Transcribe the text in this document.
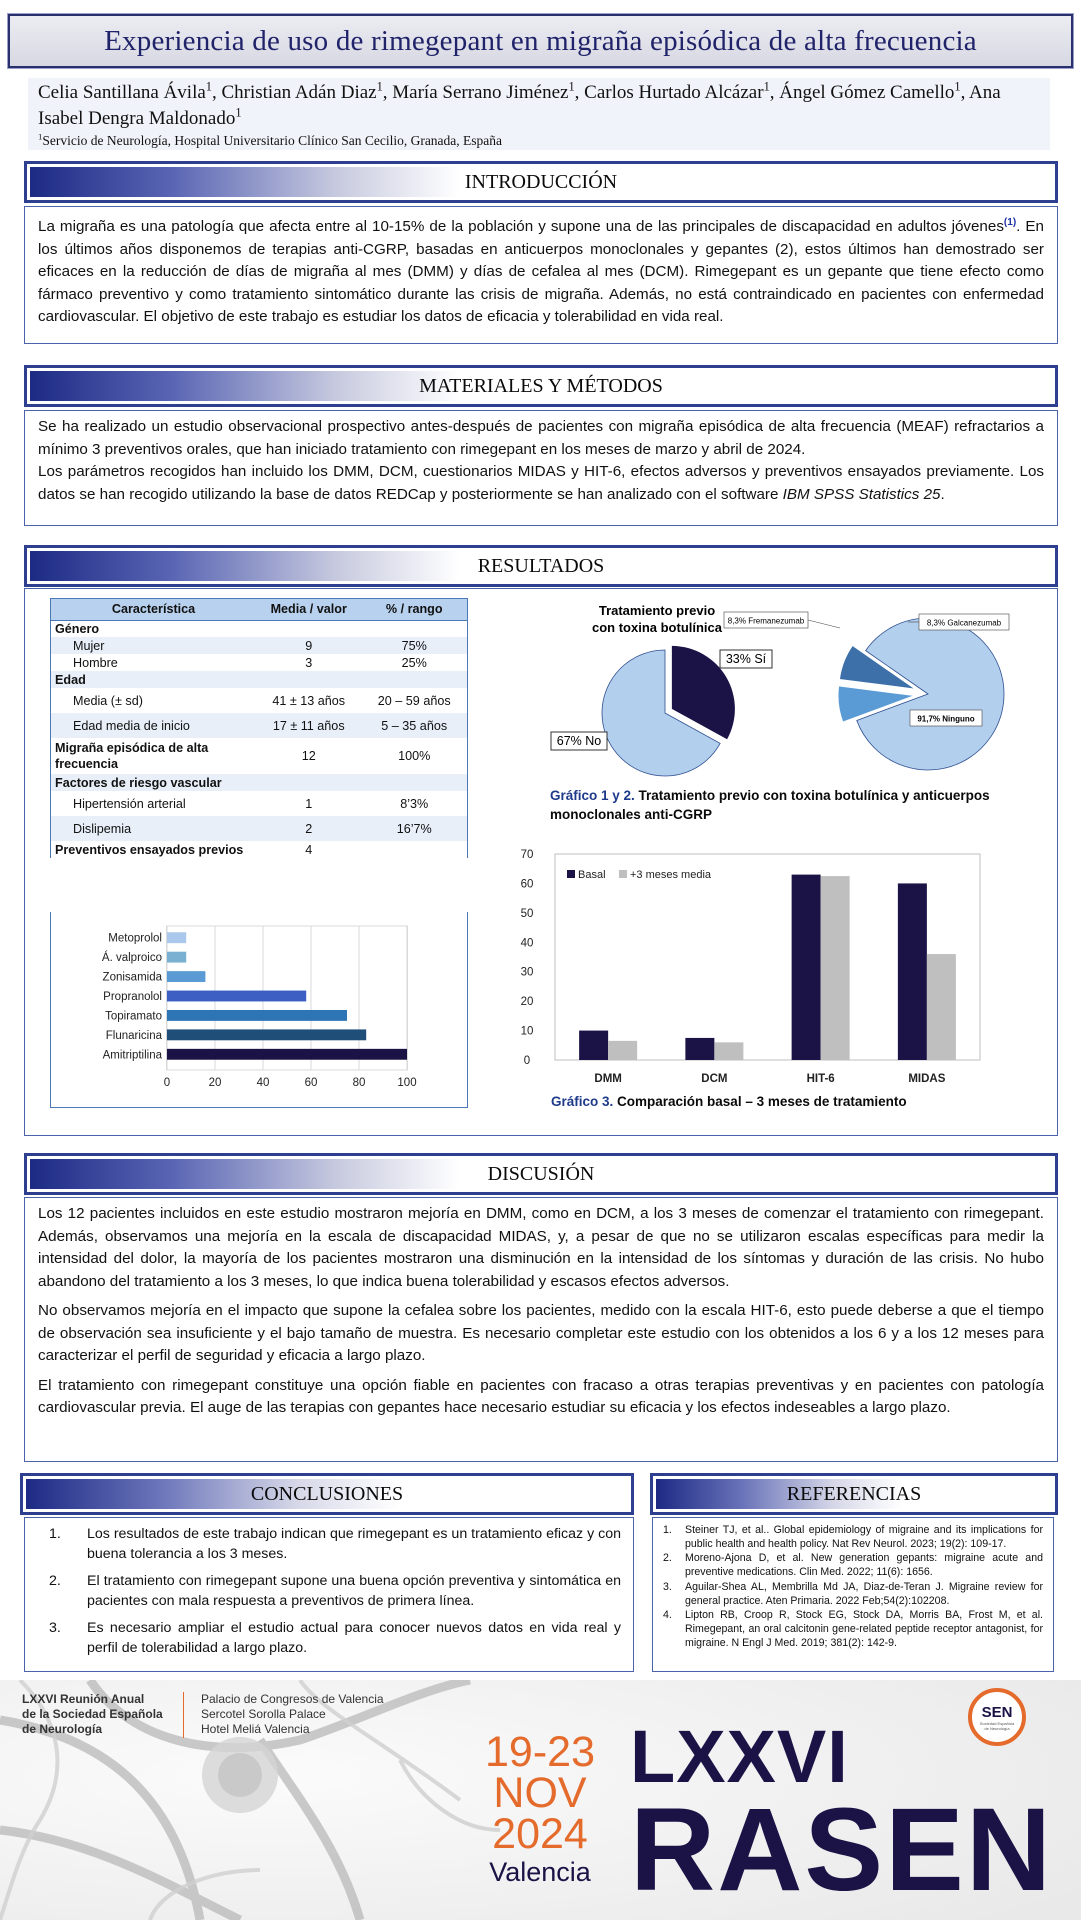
Experiencia de uso de rimegepant en migraña episódica de alta frecuencia
Celia Santillana Ávila$^1$, Christian Adán Diaz$^1$, María Serrano Jiménez$^1$, Carlos Hurtado Alcázar$^1$, Ángel Gómez Camello$^1$, Ana Isabel Dengra Maldonado$^1$
$^1$Servicio de Neurología, Hospital Universitario Clínico San Cecilio, Granada, España
INTRODUCCIÓN

La migraña es una patología que afecta entre al 10-15% de la población y supone una de las principales de discapacidad en adultos jóvenes$^{(1)}$. En los últimos años disponemos de terapias anti-CGRP, basadas en anticuerpos monoclonales y gepantes (2), estos últimos han demostrado ser eficaces en la reducción de días de migraña al mes (DMM) y días de cefalea al mes (DCM). Rimegepant es un gepante que tiene efecto como fármaco preventivo y como tratamiento sintomático durante las crisis de migraña. Además, no está contraindicado en pacientes con enfermedad cardiovascular. El objetivo de este trabajo es estudiar los datos de eficacia y tolerabilidad en vida real.

MATERIALES Y MÉTODOS

Se ha realizado un estudio observacional prospectivo antes-después de pacientes con migraña episódica de alta frecuencia (MEAF) refractarios a mínimo 3 preventivos orales, que han iniciado tratamiento con rimegepant en los meses de marzo y abril de 2024.

Los parámetros recogidos han incluido los DMM, DCM, cuestionarios MIDAS y HIT-6, efectos adversos y preventivos ensayados previamente. Los datos se han recogido utilizando la base de datos REDCap y posteriormente se han analizado con el software IBM SPSS Statistics 25.

RESULTADOS
Característica	Media / valor	% / rango
Género		
Mujer	9	75%
Hombre	3	25%
Edad		
Media (± sd)	41 ± 13 años	20 – 59 años
Edad media de inicio	17 ± 11 años	5 – 35 años
Migraña episódica de alta frecuencia	12	100%
Factores de riesgo vascular		
Hipertensión arterial	1	8’3%
Dislipemia	2	16’7%
Preventivos ensayados previos	4	
0	20	40	60	80	100
Metoprolol
Á. valproico
Zonisamida
Propranolol
Topiramato
Flunaricina
Amitriptilina
Tratamiento previo
con toxina botulínica
33% Sí
67% No
8,3% Fremanezumab	8,3% Galcanezumab
91,7% Ninguno
Gráfico 1 y 2. Tratamiento previo con toxina botulínica y anticuerpos monoclonales anti-CGRP
0
10
20
30
40
50
60
70
DMM	DCM	HIT-6	MIDAS
Basal +3 meses media
Gráfico 3. Comparación basal – 3 meses de tratamiento
DISCUSIÓN

Los 12 pacientes incluidos en este estudio mostraron mejoría en DMM, como en DCM, a los 3 meses de comenzar el tratamiento con rimegepant. Además, observamos una mejoría en la escala de discapacidad MIDAS, y, a pesar de que no se utilizaron escalas específicas para medir la intensidad del dolor, la mayoría de los pacientes mostraron una disminución en la intensidad de los síntomas y duración de las crisis. No hubo abandono del tratamiento a los 3 meses, lo que indica buena tolerabilidad y escasos efectos adversos.

No observamos mejoría en el impacto que supone la cefalea sobre los pacientes, medido con la escala HIT-6, esto puede deberse a que el tiempo de observación sea insuficiente y el bajo tamaño de muestra. Es necesario completar este estudio con los obtenidos a los 6 y a los 12 meses para caracterizar el perfil de seguridad y eficacia a largo plazo.

El tratamiento con rimegepant constituye una opción fiable en pacientes con fracaso a otras terapias preventivas y en pacientes con patología cardiovascular previa. El auge de las terapias con gepantes hace necesario estudiar su eficacia y los efectos indeseables a largo plazo.

CONCLUSIONES
1.	Los resultados de este trabajo indican que rimegepant es un tratamiento eficaz y con buena tolerancia a los 3 meses.
2.	El tratamiento con rimegepant supone una buena opción preventiva y sintomática en pacientes con mala respuesta a preventivos de primera línea.
3.	Es necesario ampliar el estudio actual para conocer nuevos datos en vida real y perfil de tolerabilidad a largo plazo.
REFERENCIAS
1.	Steiner TJ, et al.. Global epidemiology of migraine and its implications for public health and health policy. Nat Rev Neurol. 2023; 19(2): 109-17.
2.	Moreno-Ajona D, et al. New generation gepants: migraine acute and preventive medications. Clin Med. 2022; 11(6): 1656.
3.	Aguilar-Shea AL, Membrilla Md JA, Diaz-de-Teran J. Migraine review for general practice. Aten Primaria. 2022 Feb;54(2):102208.
4.	Lipton RB, Croop R, Stock EG, Stock DA, Morris BA, Frost M, et al. Rimegepant, an oral calcitonin gene-related peptide receptor antagonist, for migraine. N Engl J Med. 2019; 381(2): 142-9.
LXXVI Reunión Anual
de la Sociedad Española
de Neurología
Palacio de Congresos de Valencia
Sercotel Sorolla Palace
Hotel Meliá Valencia	19-23
NOV
2024
Valencia
LXXVI
RASEN
SEN
Sociedad Española de Neurología
